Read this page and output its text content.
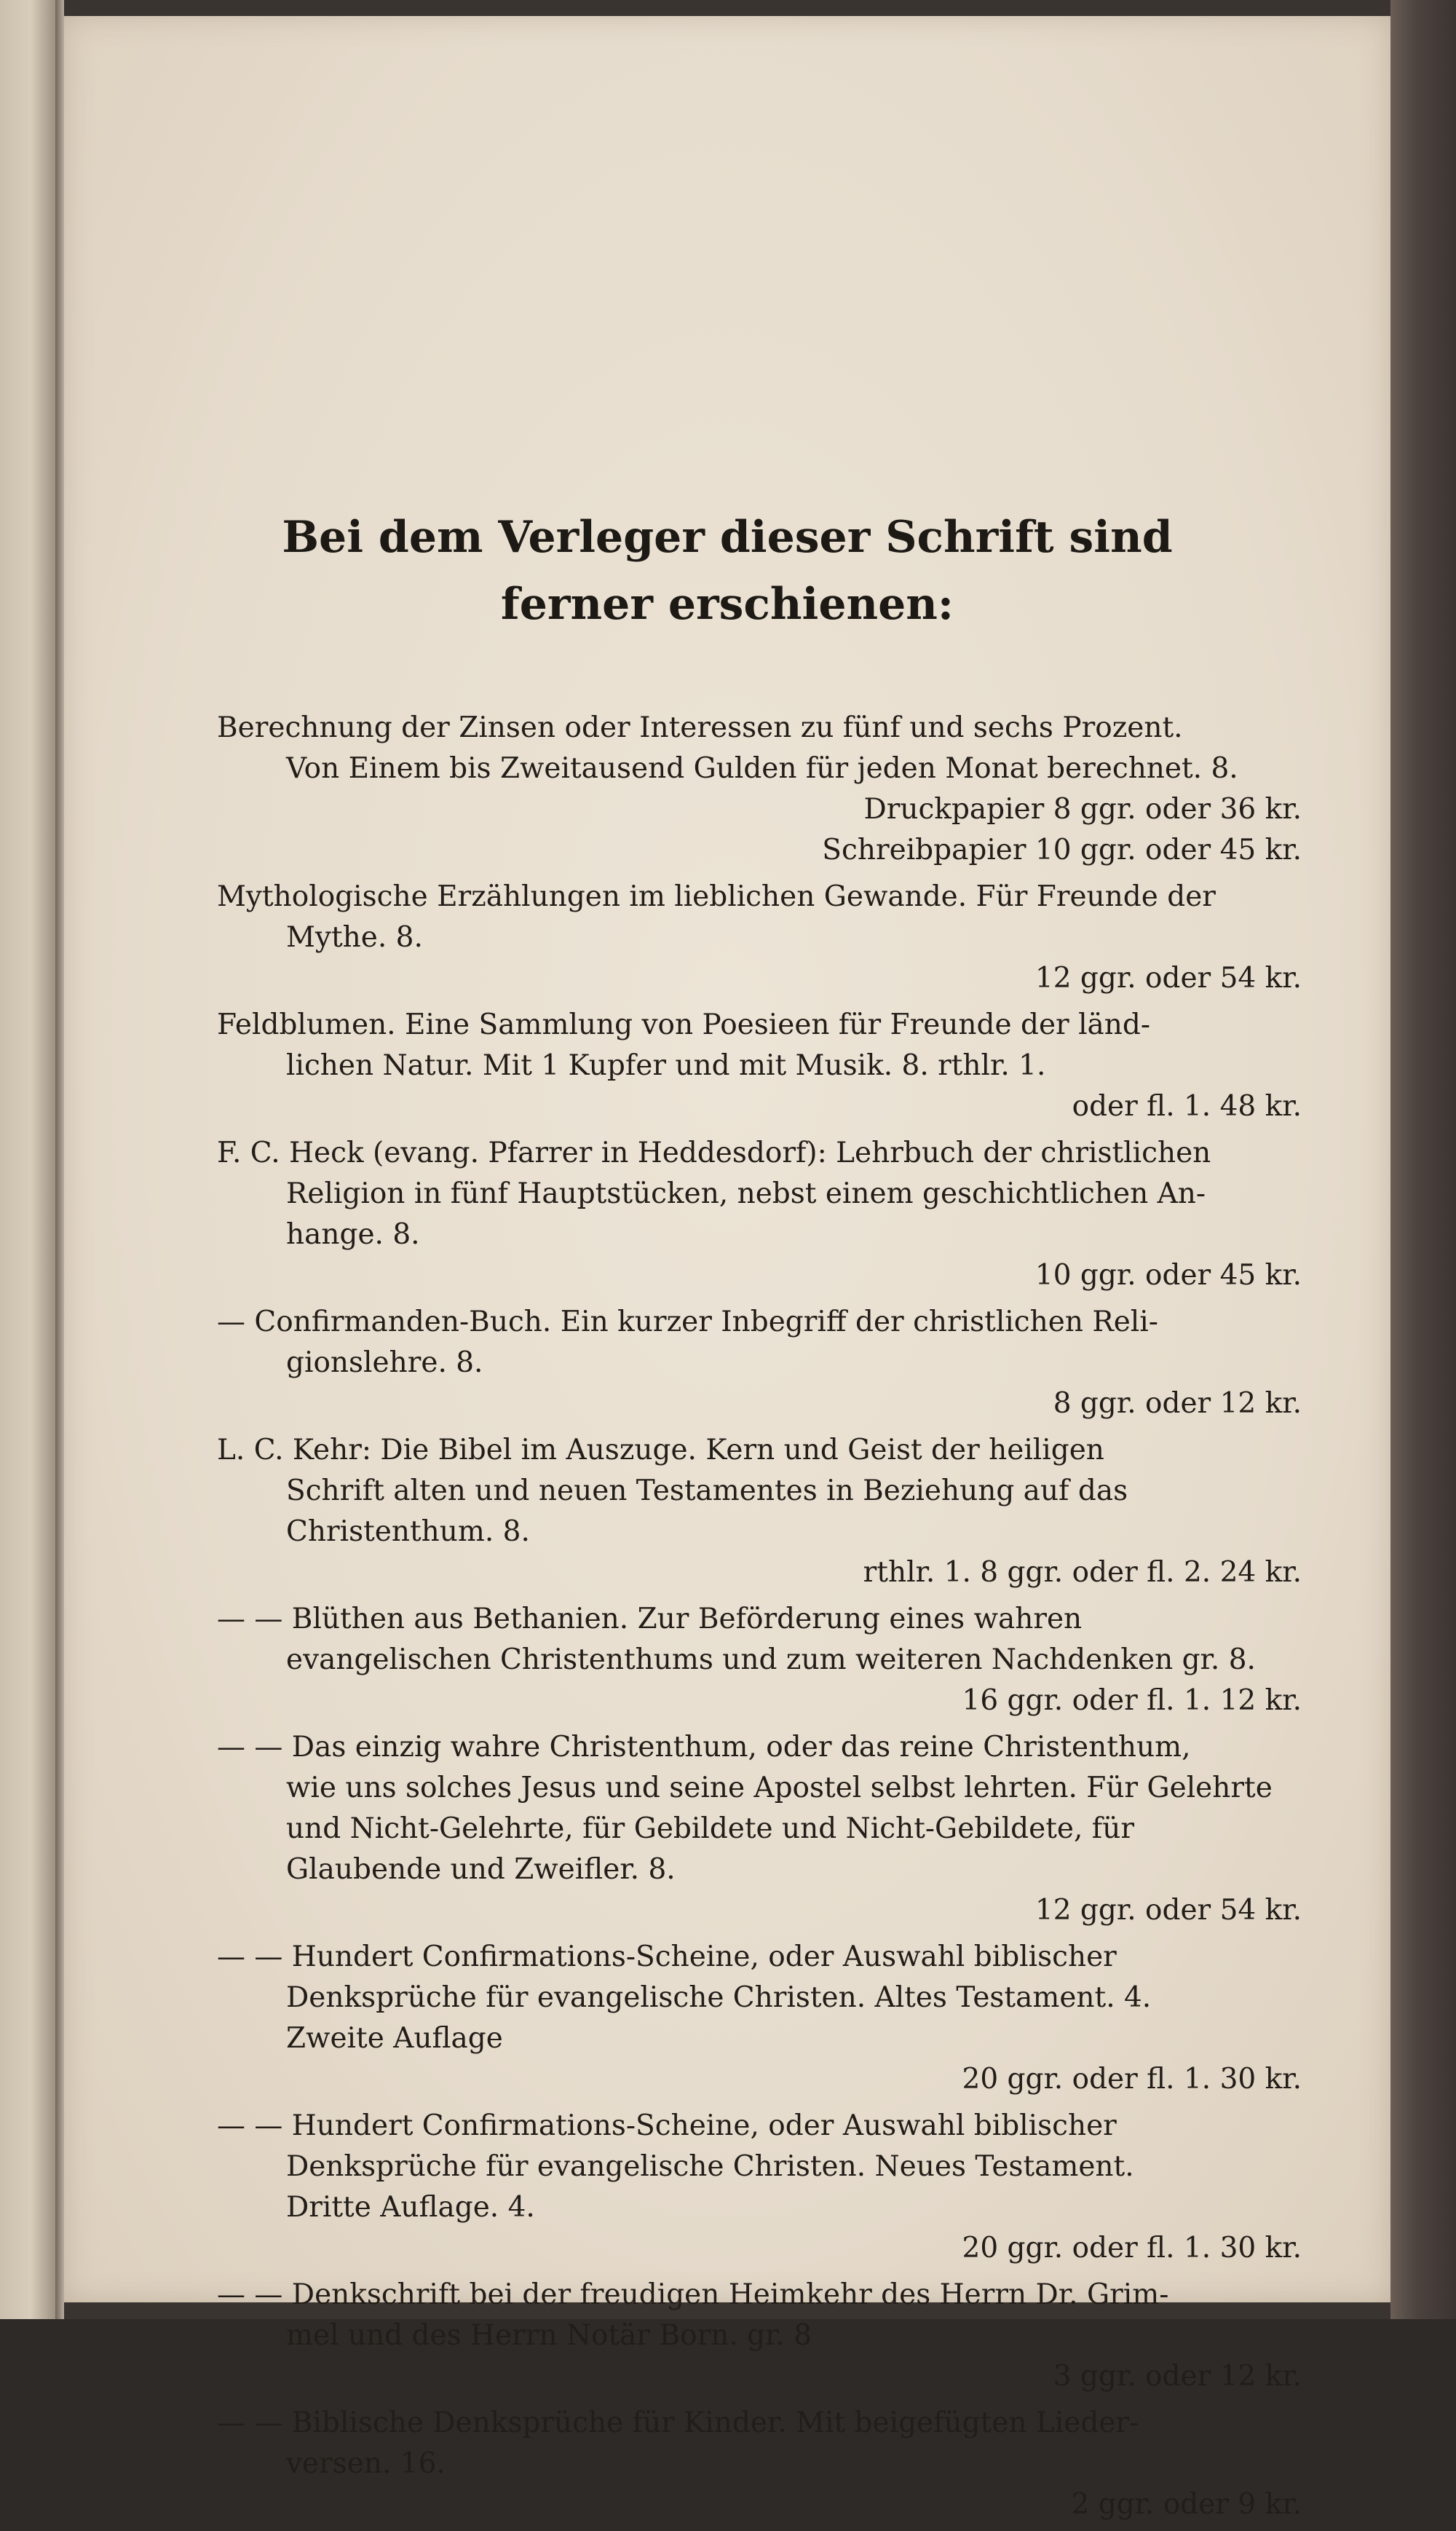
Bei dem Verleger dieser Schrift sind
ferner erschienen:
Berechnung der Zinsen oder Interessen zu fünf und sechs Prozent.
Von Einem bis Zweitausend Gulden für jeden Monat berechnet. 8.
Druckpapier 8 ggr. oder 36 kr.
Schreibpapier 10 ggr. oder 45 kr.
Mythologische Erzählungen im lieblichen Gewande. Für Freunde der
Mythe. 8.
12 ggr. oder 54 kr.
Feldblumen. Eine Sammlung von Poesieen für Freunde der länd-
lichen Natur. Mit 1 Kupfer und mit Musik. 8. rthlr. 1.
oder fl. 1. 48 kr.
F. C. Heck (evang. Pfarrer in Heddesdorf): Lehrbuch der christlichen
Religion in fünf Hauptstücken, nebst einem geschichtlichen An-
hange. 8.
10 ggr. oder 45 kr.
— Confirmanden-Buch. Ein kurzer Inbegriff der christlichen Reli-
gionslehre. 8.
8 ggr. oder 12 kr.
L. C. Kehr: Die Bibel im Auszuge. Kern und Geist der heiligen
Schrift alten und neuen Testamentes in Beziehung auf das
Christenthum. 8.
rthlr. 1. 8 ggr. oder fl. 2. 24 kr.
— — Blüthen aus Bethanien. Zur Beförderung eines wahren
evangelischen Christenthums und zum weiteren Nachdenken gr. 8.
16 ggr. oder fl. 1. 12 kr.
— — Das einzig wahre Christenthum, oder das reine Christenthum,
wie uns solches Jesus und seine Apostel selbst lehrten. Für Gelehrte
und Nicht-Gelehrte, für Gebildete und Nicht-Gebildete, für
Glaubende und Zweifler. 8.
12 ggr. oder 54 kr.
— — Hundert Confirmations-Scheine, oder Auswahl biblischer
Denksprüche für evangelische Christen. Altes Testament. 4.
Zweite Auflage
20 ggr. oder fl. 1. 30 kr.
— — Hundert Confirmations-Scheine, oder Auswahl biblischer
Denksprüche für evangelische Christen. Neues Testament.
Dritte Auflage. 4.
20 ggr. oder fl. 1. 30 kr.
— — Denkschrift bei der freudigen Heimkehr des Herrn Dr. Grim-
mel und des Herrn Notär Born. gr. 8
3 ggr. oder 12 kr.
— — Biblische Denksprüche für Kinder. Mit beigefügten Lieder-
versen. 16.
2 ggr. oder 9 kr.
